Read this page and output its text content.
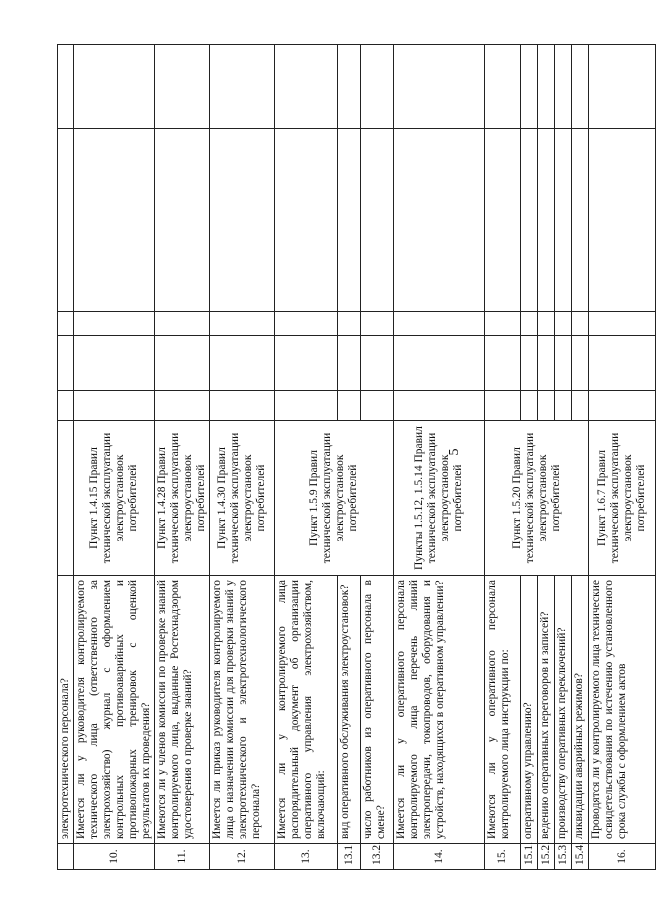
5
	электротехнического персонала?						
10.	Имеется ли у руководителя контролируемого технического лица (ответственного за электрохозяйство) журнал с оформлением контрольных противоаварийных и противопожарных тренировок с оценкой результатов их проведения?	Пункт 1.4.15 Правил технической эксплуатации электроустановок потребителей					
11.	Имеются ли у членов комиссии по проверке знаний контролируемого лица, выданные Ростехнадзором удостоверения о проверке знаний?	Пункт 1.4.28 Правил технической эксплуатации электроустановок потребителей					
12.	Имеется ли приказ руководителя контролируемого лица о назначении комиссии для проверки знаний у электротехнического и электротехнологического персонала?	Пункт 1.4.30 Правил технической эксплуатации электроустановок потребителей					
13.	Имеется ли у контролируемого лица распорядительный документ об организации оперативного управления электрохозяйством, включающий:	Пункт 1.5.9 Правил технической эксплуатации электроустановок потребителей					
13.1	вид оперативного обслуживания электроустановок?						
13.2.	число работников из оперативного персонала в смене?						
14.	Имеется ли у оперативного персонала контролируемого лица перечень линий электропередачи, токопроводов, оборудования и устройств, находящихся в оперативном управлении?	Пункты 1.5.12, 1.5.14 Правил технической эксплуатации электроустановок потребителей					
15.	Имеются ли у оперативного персонала контролируемого лица инструкции по:	Пункт 1.5.20 Правил технической эксплуатации электроустановок потребителей					
15.1.	оперативному управлению?						
15.2.	ведению оперативных переговоров и записей?						
15.3	производству оперативных переключений?						
15.4.	ликвидации аварийных режимов?						
16.	Проводятся ли у контролируемого лица технические освидетельствования по истечению установленного срока службы с оформлением актов	Пункт 1.6.7 Правил технической эксплуатации электроустановок потребителей					
